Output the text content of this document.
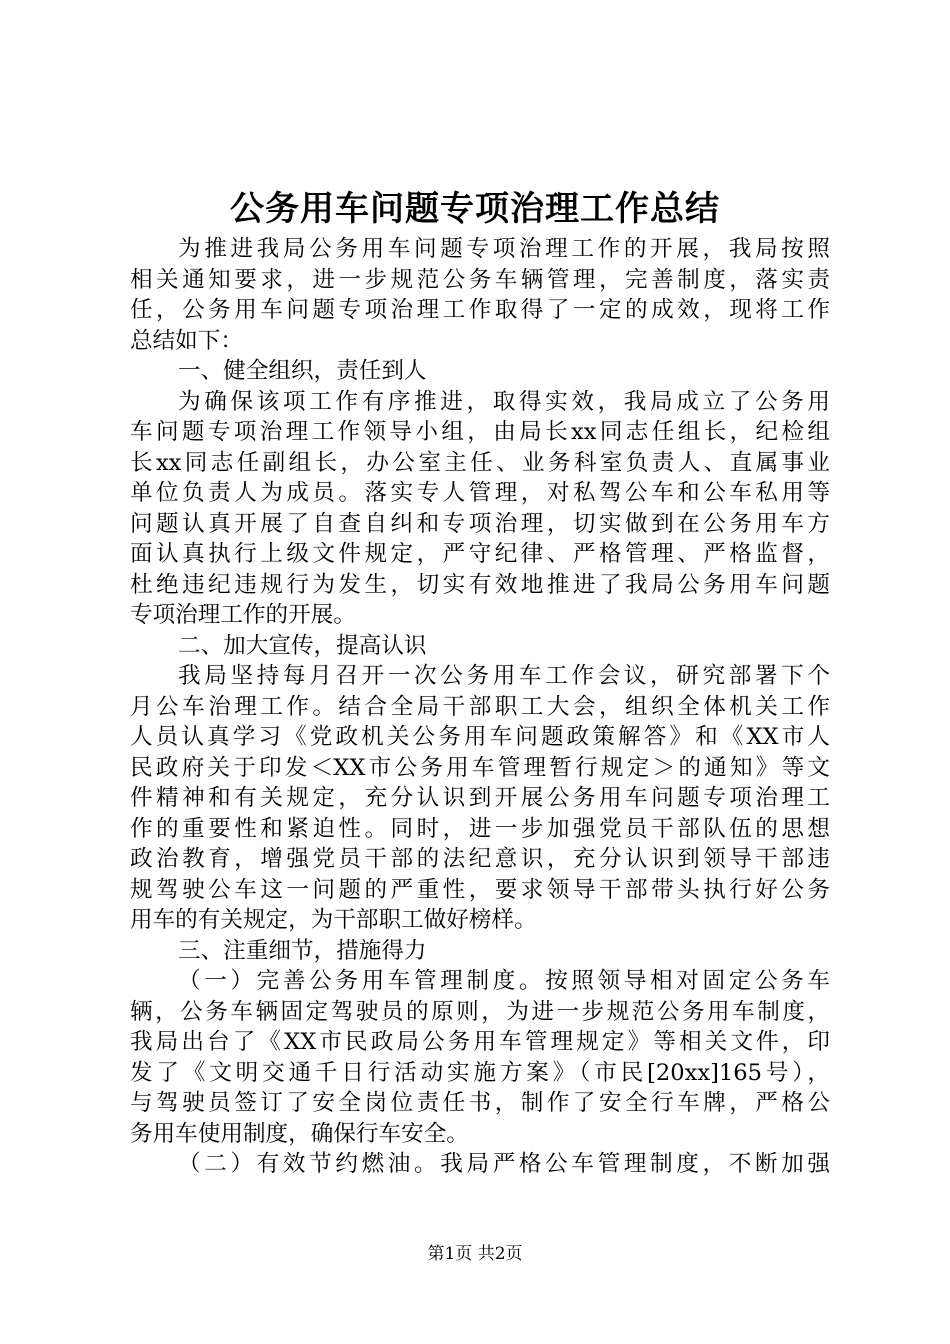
公务用车问题专项治理工作总结
为推进我局公务用车问题专项治理工作的开展，我局按照
相关通知要求，进一步规范公务车辆管理，完善制度，落实责
任，公务用车问题专项治理工作取得了一定的成效，现将工作
总结如下：
一、健全组织，责任到人
为确保该项工作有序推进，取得实效，我局成立了公务用
车问题专项治理工作领导小组，由局长xx同志任组长，纪检组
长xx同志任副组长，办公室主任、业务科室负责人、直属事业
单位负责人为成员。落实专人管理，对私驾公车和公车私用等
问题认真开展了自查自纠和专项治理，切实做到在公务用车方
面认真执行上级文件规定，严守纪律、严格管理、严格监督，
杜绝违纪违规行为发生，切实有效地推进了我局公务用车问题
专项治理工作的开展。
二、加大宣传，提高认识
我局坚持每月召开一次公务用车工作会议，研究部署下个
月公车治理工作。结合全局干部职工大会，组织全体机关工作
人员认真学习《党政机关公务用车问题政策解答》和《XX市人
民政府关于印发＜XX市公务用车管理暂行规定＞的通知》等文
件精神和有关规定，充分认识到开展公务用车问题专项治理工
作的重要性和紧迫性。同时，进一步加强党员干部队伍的思想
政治教育，增强党员干部的法纪意识，充分认识到领导干部违
规驾驶公车这一问题的严重性，要求领导干部带头执行好公务
用车的有关规定，为干部职工做好榜样。
三、注重细节，措施得力
（一）完善公务用车管理制度。按照领导相对固定公务车
辆，公务车辆固定驾驶员的原则，为进一步规范公务用车制度，
我局出台了《XX市民政局公务用车管理规定》等相关文件，印
发了《文明交通千日行活动实施方案》（市民[20xx]165号），
与驾驶员签订了安全岗位责任书，制作了安全行车牌，严格公
务用车使用制度，确保行车安全。
（二）有效节约燃油。我局严格公车管理制度，不断加强
第1页 共2页
